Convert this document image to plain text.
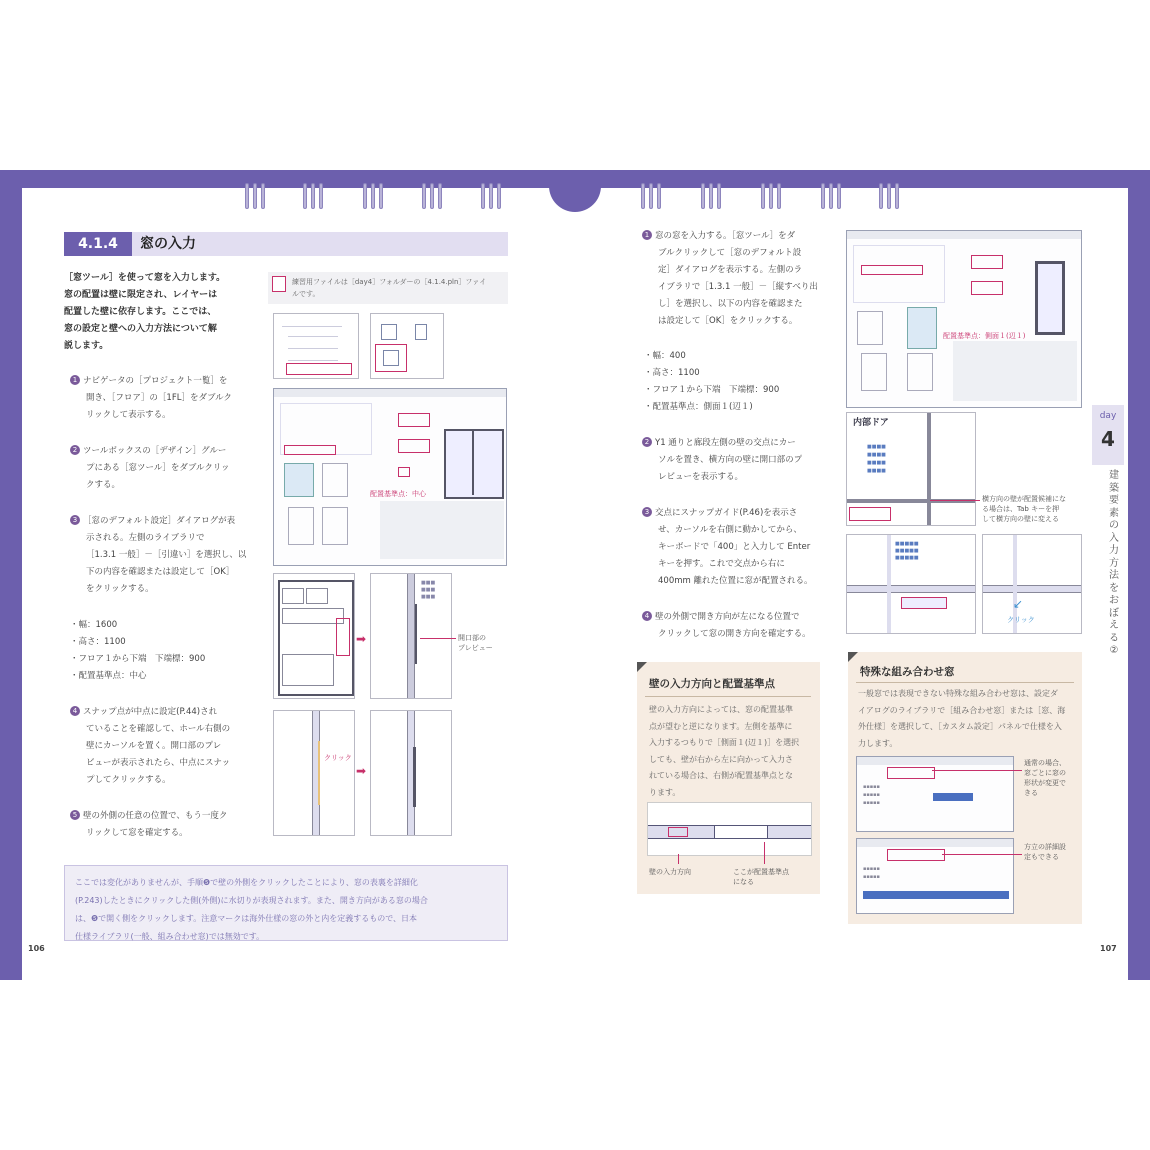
4.1.4	窓の入力
［窓ツール］を使って窓を入力します。
窓の配置は壁に限定され、レイヤーは
配置した壁に依存します。ここでは、
窓の設定と壁への入力方法について解
説します。
練習用ファイルは［day4］フォルダーの［4.1.4.pln］ファイ
ルです。
1 ナビゲータの［プロジェクト一覧］を
開き、［フロア］の［1FL］をダブルク
リックして表示する。
2 ツールボックスの［デザイン］グルー
プにある［窓ツール］をダブルクリッ
クする。
3 ［窓のデフォルト設定］ダイアログが表
示される。左側のライブラリで
［1.3.1 一般］－［引違い］を選択し、以
下の内容を確認または設定して［OK］
をクリックする。
・幅：1600
・高さ：1100
・フロア１から下端　下端標：900
・配置基準点：中心
4 スナップ点が中点に設定(P.44)され
ていることを確認して、ホール右側の
壁にカーソルを置く。開口部のプレ
ビューが表示されたら、中点にスナッ
プしてクリックする。
5 壁の外側の任意の位置で、もう一度ク
リックして窓を確定する。
配置基準点：中心
➡
■■■
■■■
■■■
開口部の
プレビュー
クリック
➡
ここでは変化がありませんが、手順❺で壁の外側をクリックしたことにより、窓の表裏を詳細化
(P.243)したときにクリックした側(外側)に水切りが表現されます。また、開き方向がある窓の場合
は、❺で開く側をクリックします。注意マークは海外仕様の窓の外と内を定義するもので、日本
仕様ライブラリ(一般、組み合わせ窓)では無効です。
106
1 窓の窓を入力する。［窓ツール］をダ
ブルクリックして［窓のデフォルト設
定］ダイアログを表示する。左側のラ
イブラリで［1.3.1 一般］－［縦すべり出
し］を選択し、以下の内容を確認また
は設定して［OK］をクリックする。
・幅：400
・高さ：1100
・フロア１から下端　下端標：900
・配置基準点：側面１(辺１)
2 Y1 通りと廊段左側の壁の交点にカー
ソルを置き、横方向の壁に開口部のプ
レビューを表示する。
3 交点にスナップガイド(P.46)を表示さ
せ、カーソルを右側に動かしてから、
キーボードで「400」と入力して Enter
キーを押す。これで交点から右に
400mm 離れた位置に窓が配置される。
4 壁の外側で開き方向が左になる位置で
クリックして窓の開き方向を確定する。
配置基準点：側面１(辺１)
内部ドア
■■■■
■■■■
■■■■
■■■■
横方向の壁が配置候補にな
る場合は、Tab キーを押
して横方向の壁に変える
■■■■■
■■■■■
■■■■■
↙
クリック
壁の入力方向と配置基準点
壁の入力方向によっては、窓の配置基準
点が望むと逆になります。左側を基準に
入力するつもりで［側面１(辺１)］を選択
しても、壁が右から左に向かって入力さ
れている場合は、右側が配置基準点とな
ります。
壁の入力方向	ここが配置基準点
になる
特殊な組み合わせ窓
一般窓では表現できない特殊な組み合わせ窓は、設定ダ
イアログのライブラリで［組み合わせ窓］または［窓、海
外仕様］を選択して、［カスタム設定］パネルで仕様を入
力します。
▪▪▪▪▪
▪▪▪▪▪
▪▪▪▪▪
通常の場合、
窓ごとに窓の
形状が変更で
きる
▪▪▪▪▪
▪▪▪▪▪
方立の詳細設
定もできる
day
4
建築要素の入力方法をおぼえる②
107
